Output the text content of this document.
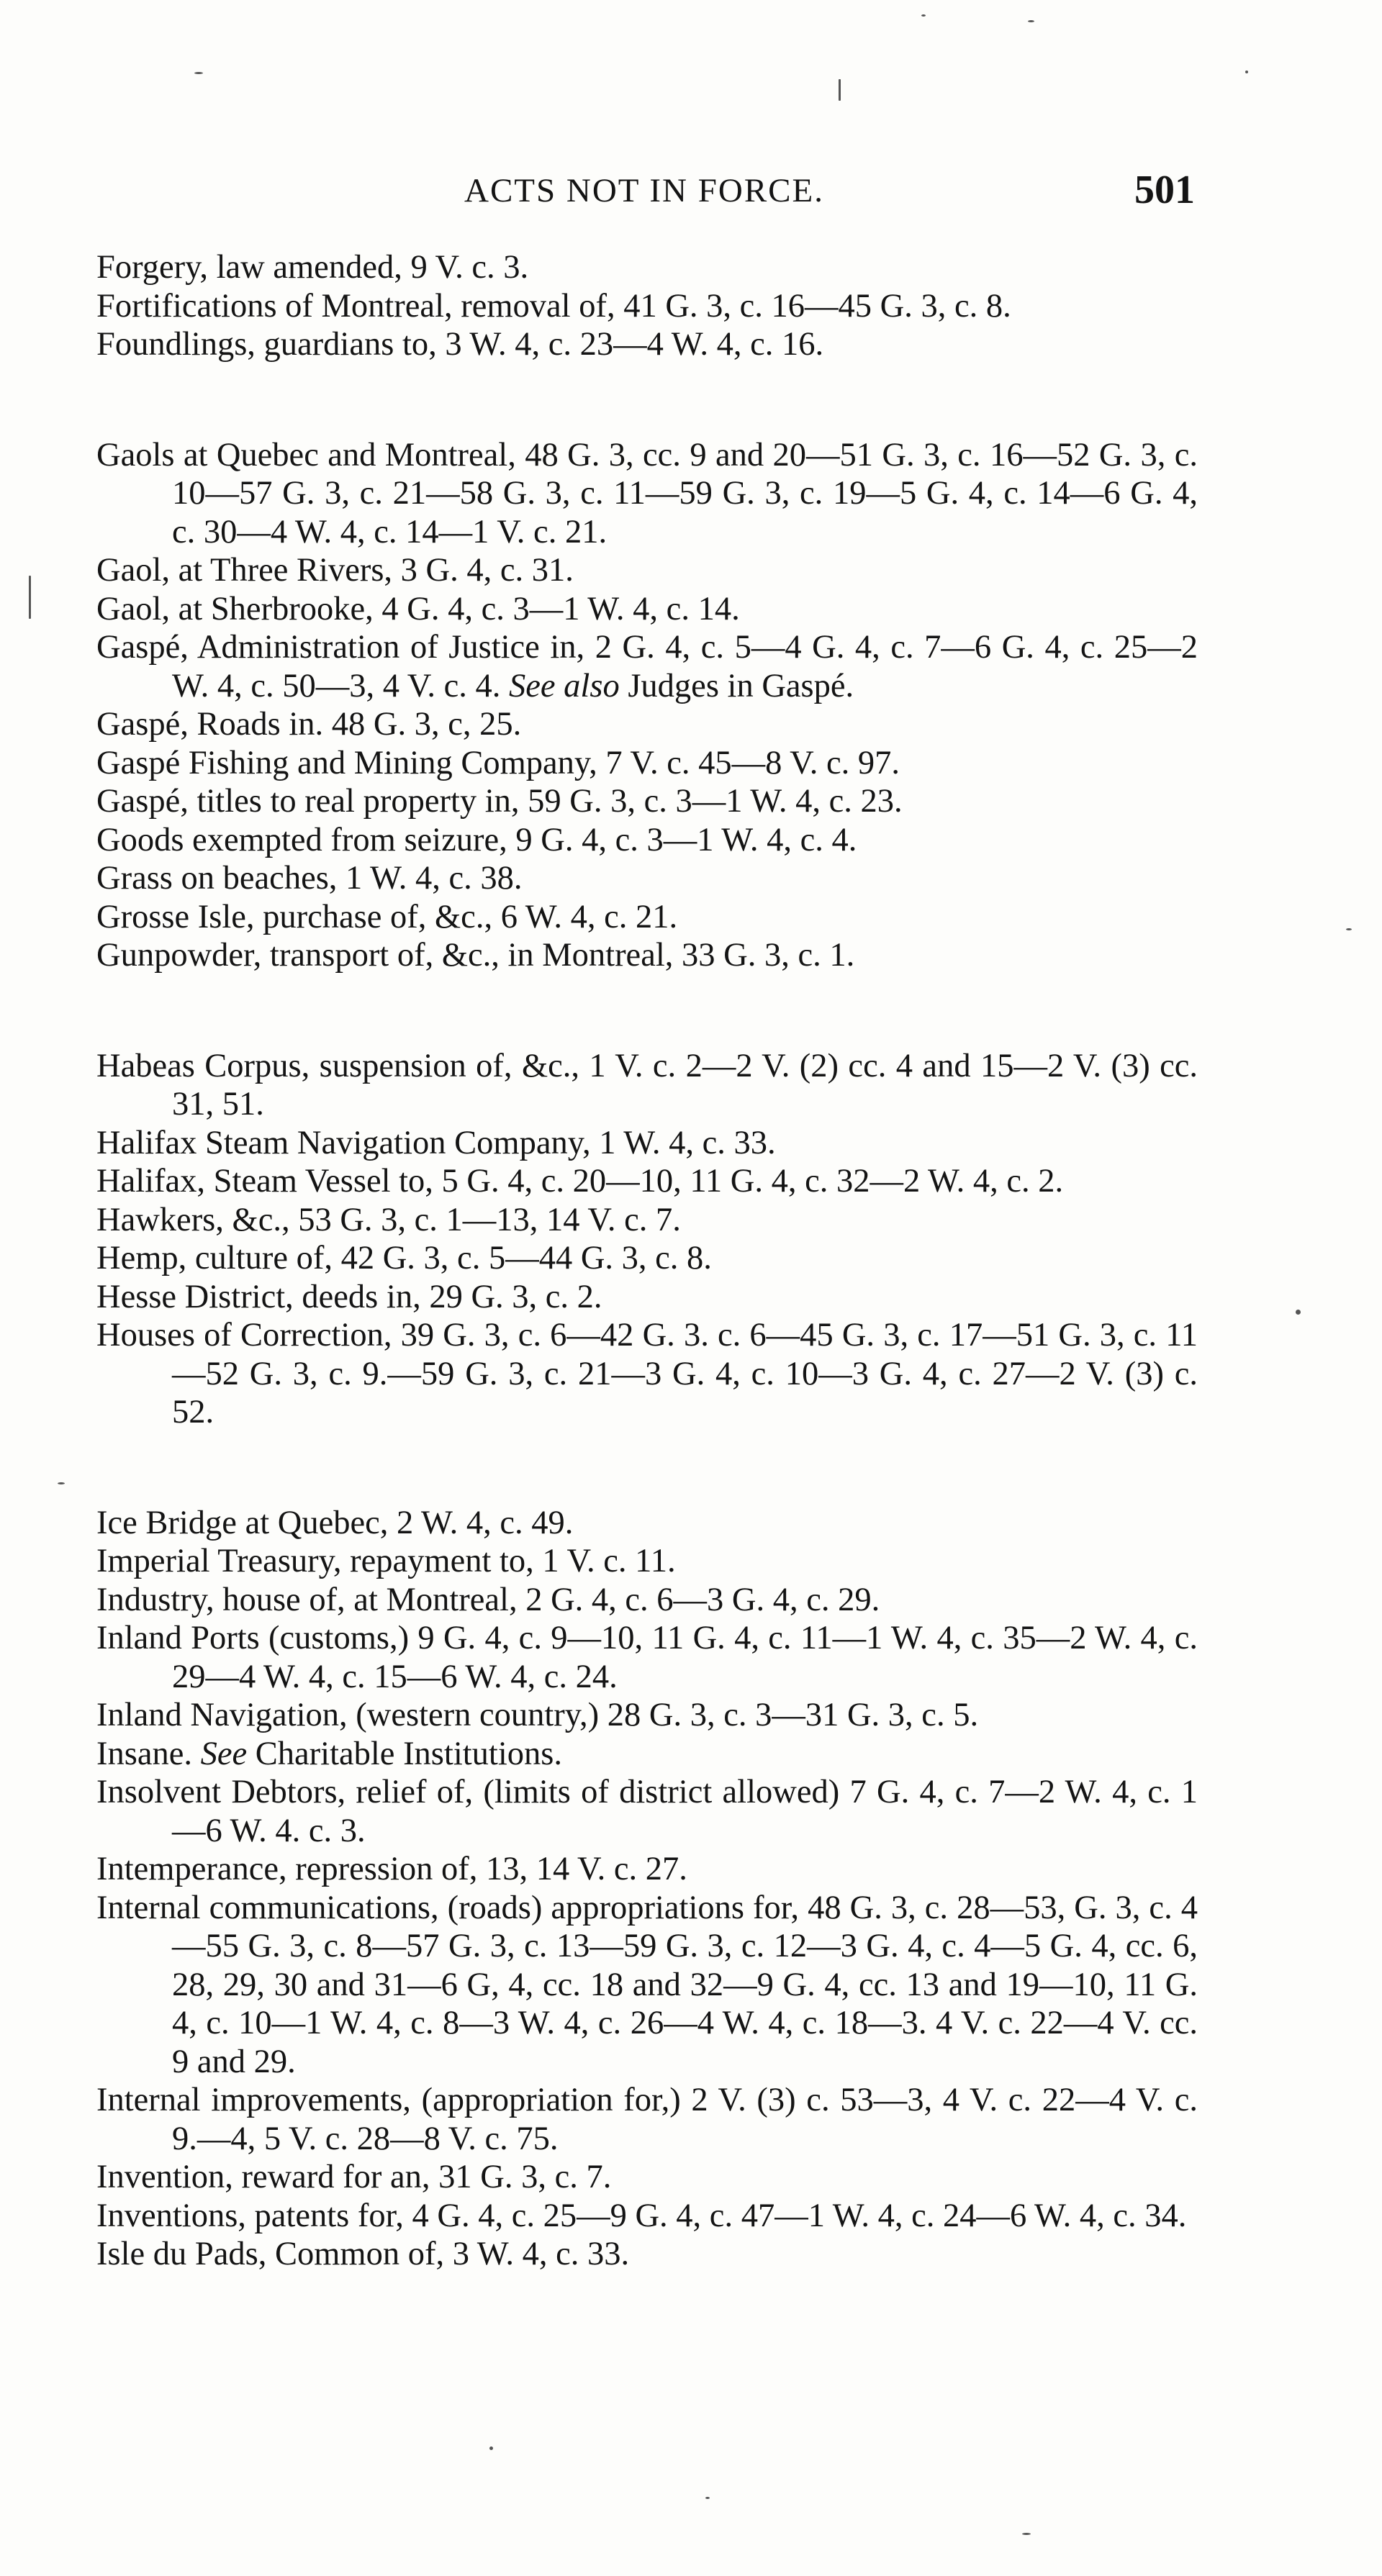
ACTS NOT IN FORCE.	501
Forgery, law amended, 9 V. c. 3.
Fortifications of Montreal, removal of, 41 G. 3, c. 16—45 G. 3, c. 8.
Foundlings, guardians to, 3 W. 4, c. 23—4 W. 4, c. 16.
Gaols at Quebec and Montreal, 48 G. 3, cc. 9 and 20—51 G. 3, c. 16—52 G. 3, c. 10—57 G. 3, c. 21—58 G. 3, c. 11—59 G. 3, c. 19—5 G. 4, c. 14—6 G. 4, c. 30—4 W. 4, c. 14—1 V. c. 21.
Gaol, at Three Rivers, 3 G. 4, c. 31.
Gaol, at Sherbrooke, 4 G. 4, c. 3—1 W. 4, c. 14.
Gaspé, Administration of Justice in, 2 G. 4, c. 5—4 G. 4, c. 7—6 G. 4, c. 25—2 W. 4, c. 50—3, 4 V. c. 4. See also Judges in Gaspé.
Gaspé, Roads in. 48 G. 3, c, 25.
Gaspé Fishing and Mining Company, 7 V. c. 45—8 V. c. 97.
Gaspé, titles to real property in, 59 G. 3, c. 3—1 W. 4, c. 23.
Goods exempted from seizure, 9 G. 4, c. 3—1 W. 4, c. 4.
Grass on beaches, 1 W. 4, c. 38.
Grosse Isle, purchase of, &c., 6 W. 4, c. 21.
Gunpowder, transport of, &c., in Montreal, 33 G. 3, c. 1.
Habeas Corpus, suspension of, &c., 1 V. c. 2—2 V. (2) cc. 4 and 15—2 V. (3) cc. 31, 51.
Halifax Steam Navigation Company, 1 W. 4, c. 33.
Halifax, Steam Vessel to, 5 G. 4, c. 20—10, 11 G. 4, c. 32—2 W. 4, c. 2.
Hawkers, &c., 53 G. 3, c. 1—13, 14 V. c. 7.
Hemp, culture of, 42 G. 3, c. 5—44 G. 3, c. 8.
Hesse District, deeds in, 29 G. 3, c. 2.
Houses of Correction, 39 G. 3, c. 6—42 G. 3. c. 6—45 G. 3, c. 17—51 G. 3, c. 11—52 G. 3, c. 9.—59 G. 3, c. 21—3 G. 4, c. 10—3 G. 4, c. 27—2 V. (3) c. 52.
Ice Bridge at Quebec, 2 W. 4, c. 49.
Imperial Treasury, repayment to, 1 V. c. 11.
Industry, house of, at Montreal, 2 G. 4, c. 6—3 G. 4, c. 29.
Inland Ports (customs,) 9 G. 4, c. 9—10, 11 G. 4, c. 11—1 W. 4, c. 35—2 W. 4, c. 29—4 W. 4, c. 15—6 W. 4, c. 24.
Inland Navigation, (western country,) 28 G. 3, c. 3—31 G. 3, c. 5.
Insane. See Charitable Institutions.
Insolvent Debtors, relief of, (limits of district allowed) 7 G. 4, c. 7—2 W. 4, c. 1—6 W. 4. c. 3.
Intemperance, repression of, 13, 14 V. c. 27.
Internal communications, (roads) appropriations for, 48 G. 3, c. 28—53, G. 3, c. 4—55 G. 3, c. 8—57 G. 3, c. 13—59 G. 3, c. 12—3 G. 4, c. 4—5 G. 4, cc. 6, 28, 29, 30 and 31—6 G, 4, cc. 18 and 32—9 G. 4, cc. 13 and 19—10, 11 G. 4, c. 10—1 W. 4, c. 8—3 W. 4, c. 26—4 W. 4, c. 18—3. 4 V. c. 22—4 V. cc. 9 and 29.
Internal improvements, (appropriation for,) 2 V. (3) c. 53—3, 4 V. c. 22—4 V. c. 9.—4, 5 V. c. 28—8 V. c. 75.
Invention, reward for an, 31 G. 3, c. 7.
Inventions, patents for, 4 G. 4, c. 25—9 G. 4, c. 47—1 W. 4, c. 24—6 W. 4, c. 34.
Isle du Pads, Common of, 3 W. 4, c. 33.
